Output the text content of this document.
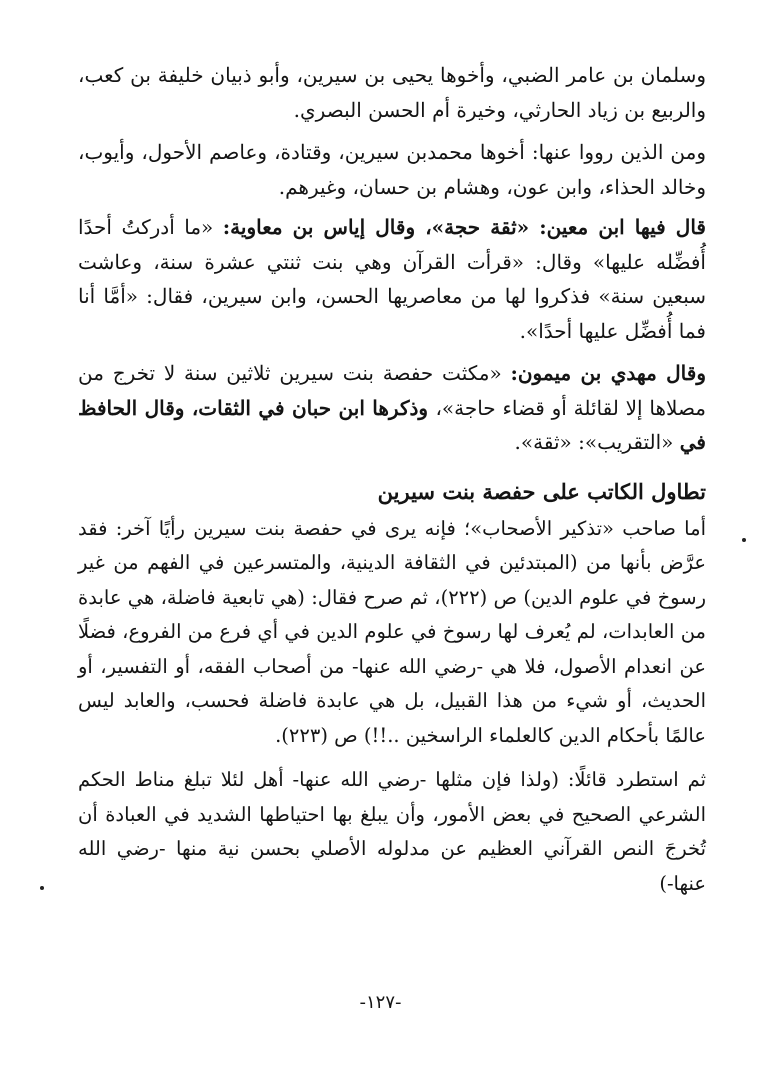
وسلمان بن عامر الضبي، وأخوها يحيى بن سيرين، وأبو ذبيان خليفة بن كعب، والربيع بن زياد الحارثي، وخيرة أم الحسن البصري.

ومن الذين رووا عنها: أخوها محمدبن سيرين، وقتادة، وعاصم الأحول، وأيوب، وخالد الحذاء، وابن عون، وهشام بن حسان، وغيرهم.

قال فيها ابن معين: «ثقة حجة»، وقال إياس بن معاوية: «ما أدركتُ أحدًا أُفضِّله عليها» وقال: «قرأت القرآن وهي بنت ثنتي عشرة سنة، وعاشت سبعين سنة» فذكروا لها من معاصريها الحسن، وابن سيرين، فقال: «أمَّا أنا فما أُفضِّل عليها أحدًا».

وقال مهدي بن ميمون: «مكثت حفصة بنت سيرين ثلاثين سنة لا تخرج من مصلاها إلا لقائلة أو قضاء حاجة»، وذكرها ابن حبان في الثقات، وقال الحافظ في «التقريب»: «ثقة».

تطاول الكاتب على حفصة بنت سيرين

أما صاحب «تذكير الأصحاب»؛ فإنه يرى في حفصة بنت سيرين رأيًا آخر: فقد عرَّض بأنها من (المبتدئين في الثقافة الدينية، والمتسرعين في الفهم من غير رسوخ في علوم الدين) ص (٢٢٢)، ثم صرح فقال: (هي تابعية فاضلة، هي عابدة من العابدات، لم يُعرف لها رسوخ في علوم الدين في أي فرع من الفروع، فضلًا عن انعدام الأصول، فلا هي -رضي الله عنها- من أصحاب الفقه، أو التفسير، أو الحديث، أو شيء من هذا القبيل، بل هي عابدة فاضلة فحسب، والعابد ليس عالمًا بأحكام الدين كالعلماء الراسخين ..!!) ص (٢٢٣).

ثم استطرد قائلًا: (ولذا فإن مثلها -رضي الله عنها- أهل لئلا تبلغ مناط الحكم الشرعي الصحيح في بعض الأمور، وأن يبلغ بها احتياطها الشديد في العبادة أن تُخرجَ النص القرآني العظيم عن مدلوله الأصلي بحسن نية منها -رضي الله عنها-)

-١٢٧-
